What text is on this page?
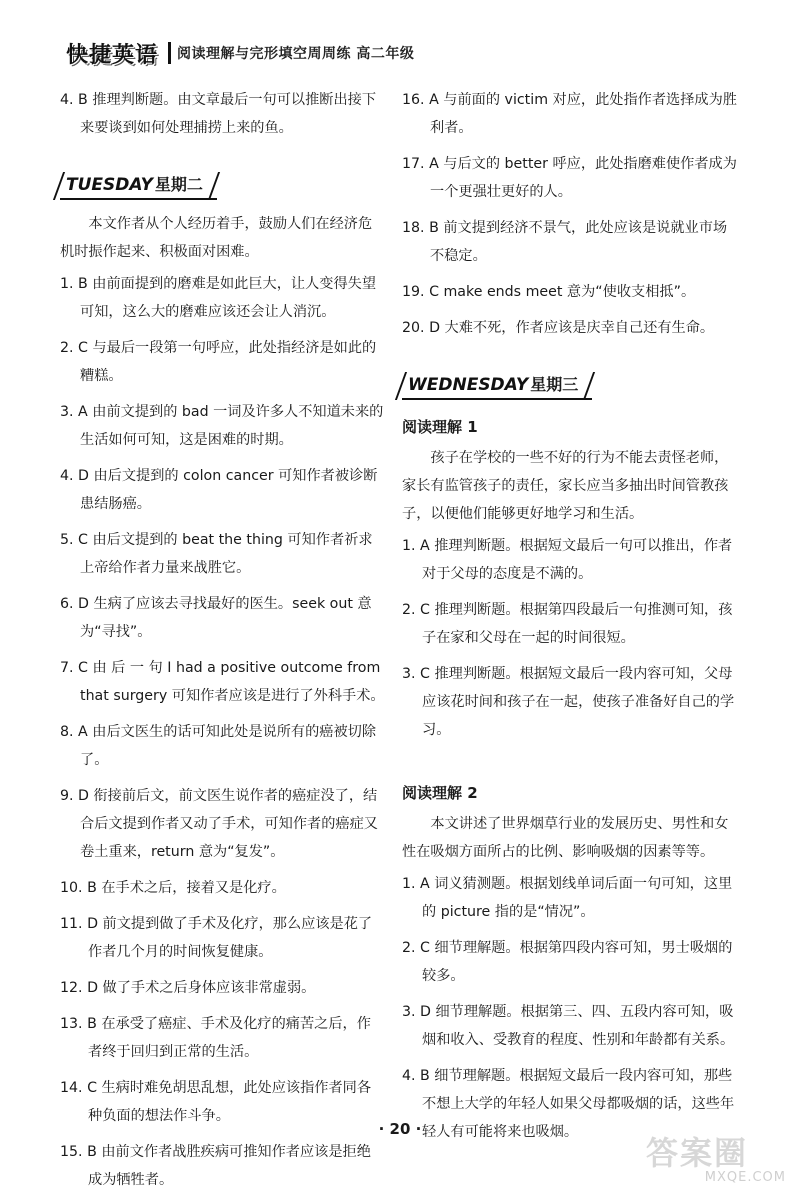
快捷英语 阅读理解与完形填空周周练 高二年级
4. B 推理判断题。由文章最后一句可以推断出接下来要谈到如何处理捕捞上来的鱼。
TUESDAY 星期二
本文作者从个人经历着手，鼓励人们在经济危机时振作起来、积极面对困难。
1. B 由前面提到的磨难是如此巨大，让人变得失望可知，这么大的磨难应该还会让人消沉。
2. C 与最后一段第一句呼应，此处指经济是如此的糟糕。
3. A 由前文提到的 bad 一词及许多人不知道未来的生活如何可知，这是困难的时期。
4. D 由后文提到的 colon cancer 可知作者被诊断患结肠癌。
5. C 由后文提到的 beat the thing 可知作者祈求上帝给作者力量来战胜它。
6. D 生病了应该去寻找最好的医生。seek out 意为“寻找”。
7. C 由 后 一 句 I had a positive outcome from that surgery 可知作者应该是进行了外科手术。
8. A 由后文医生的话可知此处是说所有的癌被切除了。
9. D 衔接前后文，前文医生说作者的癌症没了，结合后文提到作者又动了手术，可知作者的癌症又卷土重来，return 意为“复发”。
10. B 在手术之后，接着又是化疗。
11. D 前文提到做了手术及化疗，那么应该是花了作者几个月的时间恢复健康。
12. D 做了手术之后身体应该非常虚弱。
13. B 在承受了癌症、手术及化疗的痛苦之后，作者终于回归到正常的生活。
14. C 生病时难免胡思乱想，此处应该指作者同各种负面的想法作斗争。
15. B 由前文作者战胜疾病可推知作者应该是拒绝成为牺牲者。
16. A 与前面的 victim 对应，此处指作者选择成为胜利者。
17. A 与后文的 better 呼应，此处指磨难使作者成为一个更强壮更好的人。
18. B 前文提到经济不景气，此处应该是说就业市场不稳定。
19. C make ends meet 意为“使收支相抵”。
20. D 大难不死，作者应该是庆幸自己还有生命。
WEDNESDAY 星期三
阅读理解 1
孩子在学校的一些不好的行为不能去责怪老师，家长有监管孩子的责任，家长应当多抽出时间管教孩子，以便他们能够更好地学习和生活。
1. A 推理判断题。根据短文最后一句可以推出，作者对于父母的态度是不满的。
2. C 推理判断题。根据第四段最后一句推测可知，孩子在家和父母在一起的时间很短。
3. C 推理判断题。根据短文最后一段内容可知，父母应该花时间和孩子在一起，使孩子准备好自己的学习。
阅读理解 2
本文讲述了世界烟草行业的发展历史、男性和女性在吸烟方面所占的比例、影响吸烟的因素等等。
1. A 词义猜测题。根据划线单词后面一句可知，这里的 picture 指的是“情况”。
2. C 细节理解题。根据第四段内容可知，男士吸烟的较多。
3. D 细节理解题。根据第三、四、五段内容可知，吸烟和收入、受教育的程度、性别和年龄都有关系。
4. B 细节理解题。根据短文最后一段内容可知，那些不想上大学的年轻人如果父母都吸烟的话，这些年轻人有可能将来也吸烟。
· 20 ·
答案圈
MXQE.COM
